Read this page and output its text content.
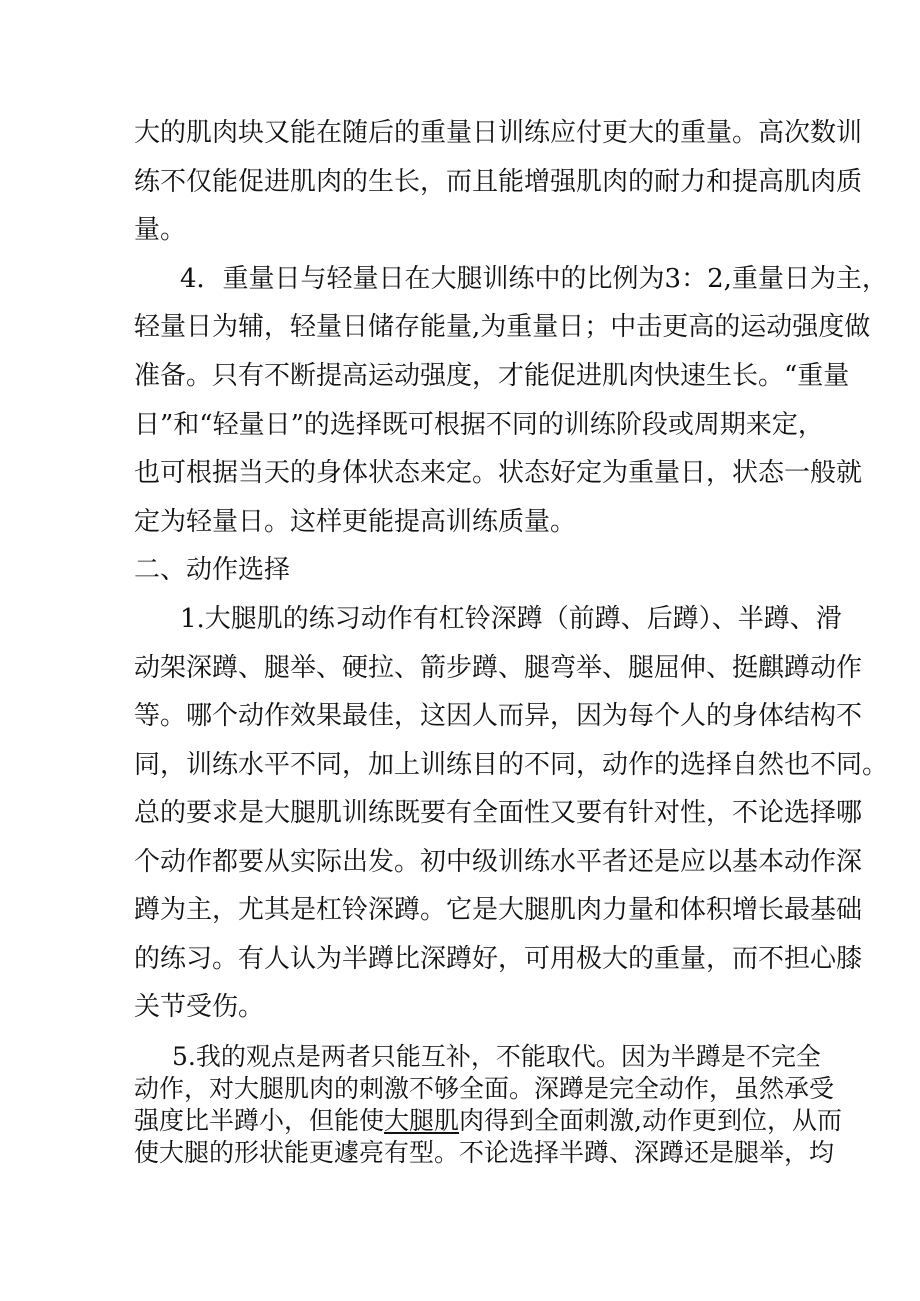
大的肌肉块又能在随后的重量日训练应付更大的重量。高次数训
练不仅能促进肌肉的生长，而且能增强肌肉的耐力和提高肌肉质
量。
4．重量日与轻量日在大腿训练中的比例为3：2,重量日为主，
轻量日为辅，轻量日储存能量,为重量日；中击更高的运动强度做
准备。只有不断提高运动强度，才能促进肌肉快速生长。“重量
日”和“轻量日”的选择既可根据不同的训练阶段或周期来定，
也可根据当天的身体状态来定。状态好定为重量日，状态一般就
定为轻量日。这样更能提高训练质量。
二、动作选择
1.大腿肌的练习动作有杠铃深蹲（前蹲、后蹲）、半蹲、滑
动架深蹲、腿举、硬拉、箭步蹲、腿弯举、腿屈伸、挺麒蹲动作
等。哪个动作效果最佳，这因人而异，因为每个人的身体结构不
同，训练水平不同，加上训练目的不同，动作的选择自然也不同。
总的要求是大腿肌训练既要有全面性又要有针对性，不论选择哪
个动作都要从实际出发。初中级训练水平者还是应以基本动作深
蹲为主，尤其是杠铃深蹲。它是大腿肌肉力量和体积增长最基础
的练习。有人认为半蹲比深蹲好，可用极大的重量，而不担心膝
关节受伤。
5.我的观点是两者只能互补，不能取代。因为半蹲是不完全
动作，对大腿肌肉的刺激不够全面。深蹲是完全动作，虽然承受
强度比半蹲小，但能使大腿肌肉得到全面刺激,动作更到位，从而
使大腿的形状能更遽亮有型。不论选择半蹲、深蹲还是腿举，均
